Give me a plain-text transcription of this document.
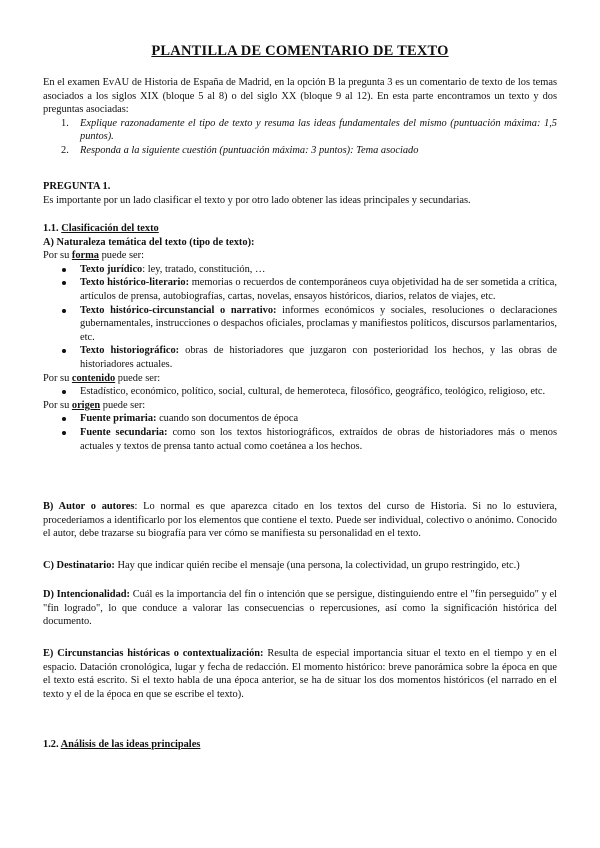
PLANTILLA DE COMENTARIO DE TEXTO

En el examen EvAU de Historia de España de Madrid, en la opción B la pregunta 3 es un comentario de texto de los temas asociados a los siglos XIX (bloque 5 al 8) o del siglo XX (bloque 9 al 12). En esta parte encontramos un texto y dos preguntas asociadas:

1. Explique razonadamente el tipo de texto y resuma las ideas fundamentales del mismo (puntuación máxima: 1,5 puntos).
2. Responda a la siguiente cuestión (puntuación máxima: 3 puntos): Tema asociado

PREGUNTA 1.

Es importante por un lado clasificar el texto y por otro lado obtener las ideas principales y secundarias.

1.1. Clasificación del texto

A) Naturaleza temática del texto (tipo de texto):

Por su forma puede ser:

Texto jurídico: ley, tratado, constitución, …
Texto histórico-literario: memorias o recuerdos de contemporáneos cuya objetividad ha de ser sometida a crítica, artículos de prensa, autobiografías, cartas, novelas, ensayos históricos, diarios, relatos de viajes, etc.
Texto histórico-circunstancial o narrativo: informes económicos y sociales, resoluciones o declaraciones gubernamentales, instrucciones o despachos oficiales, proclamas y manifiestos políticos, discursos parlamentarios, etc.
Texto historiográfico: obras de historiadores que juzgaron con posterioridad los hechos, y las obras de historiadores actuales.

Por su contenido puede ser:

Estadístico, económico, político, social, cultural, de hemeroteca, filosófico, geográfico, teológico, religioso, etc.

Por su origen puede ser:

Fuente primaria: cuando son documentos de época
Fuente secundaria: como son los textos historiográficos, extraídos de obras de historiadores más o menos actuales y textos de prensa tanto actual como coetánea a los hechos.

B) Autor o autores: Lo normal es que aparezca citado en los textos del curso de Historia. Si no lo estuviera, procederíamos a identificarlo por los elementos que contiene el texto. Puede ser individual, colectivo o anónimo. Conocido el autor, debe trazarse su biografía para ver cómo se manifiesta su personalidad en el texto.

C) Destinatario: Hay que indicar quién recibe el mensaje (una persona, la colectividad, un grupo restringido, etc.)

D) Intencionalidad: Cuál es la importancia del fin o intención que se persigue, distinguiendo entre el "fin perseguido" y el "fin logrado", lo que conduce a valorar las consecuencias o repercusiones, así como la significación histórica del documento.

E) Circunstancias históricas o contextualización: Resulta de especial importancia situar el texto en el tiempo y en el espacio. Datación cronológica, lugar y fecha de redacción. El momento histórico: breve panorámica sobre la época en que el texto está escrito. Si el texto habla de una época anterior, se ha de situar los dos momentos históricos (el narrado en el texto y el de la época en que se escribe el texto).

1.2. Análisis de las ideas principales
